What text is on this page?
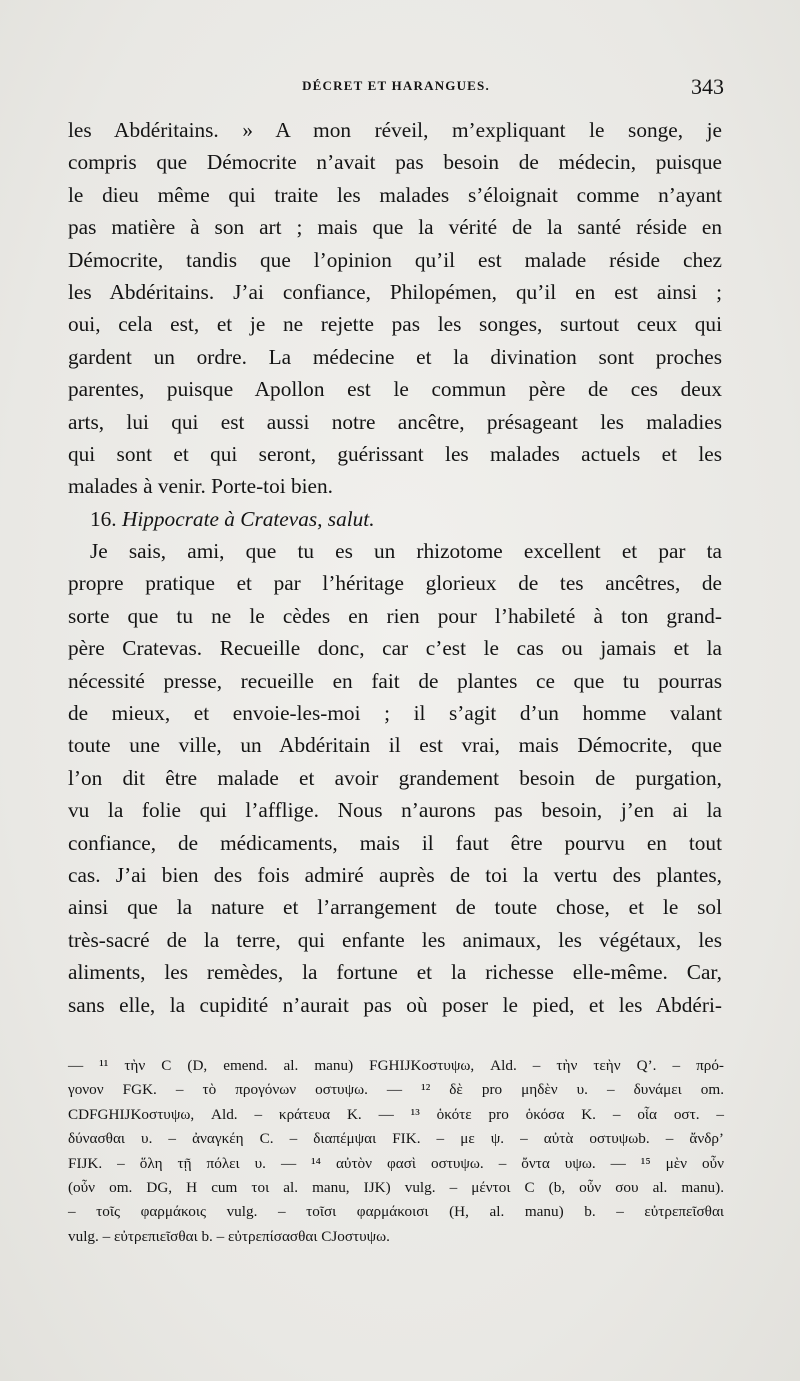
DÉCRET ET HARANGUES.	343
les Abdéritains. » A mon réveil, m’expliquant le songe, je
compris que Démocrite n’avait pas besoin de médecin, puisque
le dieu même qui traite les malades s’éloignait comme n’ayant
pas matière à son art ; mais que la vérité de la santé réside en
Démocrite, tandis que l’opinion qu’il est malade réside chez
les Abdéritains. J’ai confiance, Philopémen, qu’il en est ainsi ;
oui, cela est, et je ne rejette pas les songes, surtout ceux qui
gardent un ordre. La médecine et la divination sont proches
parentes, puisque Apollon est le commun père de ces deux
arts, lui qui est aussi notre ancêtre, présageant les maladies
qui sont et qui seront, guérissant les malades actuels et les
malades à venir. Porte-toi bien.
16. Hippocrate à Cratevas, salut.
Je sais, ami, que tu es un rhizotome excellent et par ta
propre pratique et par l’héritage glorieux de tes ancêtres, de
sorte que tu ne le cèdes en rien pour l’habileté à ton grand-
père Cratevas. Recueille donc, car c’est le cas ou jamais et la
nécessité presse, recueille en fait de plantes ce que tu pourras
de mieux, et envoie-les-moi ; il s’agit d’un homme valant
toute une ville, un Abdéritain il est vrai, mais Démocrite, que
l’on dit être malade et avoir grandement besoin de purgation,
vu la folie qui l’afflige. Nous n’aurons pas besoin, j’en ai la
confiance, de médicaments, mais il faut être pourvu en tout
cas. J’ai bien des fois admiré auprès de toi la vertu des plantes,
ainsi que la nature et l’arrangement de toute chose, et le sol
très-sacré de la terre, qui enfante les animaux, les végétaux, les
aliments, les remèdes, la fortune et la richesse elle-même. Car,
sans elle, la cupidité n’aurait pas où poser le pied, et les Abdéri-
— ¹¹ τὴν C (D, emend. al. manu) FGHIJKοστυψω, Ald. – τὴν τεὴν Q’. – πρό-
γονον FGK. – τὸ προγόνων οστυψω. — ¹² δὲ pro μηδὲν υ. – δυνάμει om.
CDFGHIJKοστυψω, Ald. – κράτευα K. — ¹³ ὁκότε pro ὁκόσα K. – οἷα οστ. –
δύνασθαι υ. – ἀναγκέη C. – διαπέμψαι FIK. – με ψ. – αὐτὰ οστυψωb. – ἄνδρ’
FIJK. – ὅλη τῇ πόλει υ. — ¹⁴ αὐτὸν φασὶ οστυψω. – ὄντα υψω. — ¹⁵ μὲν οὖν
(οὖν om. DG, H cum τοι al. manu, IJK) vulg. – μέντοι C (b, οὖν σου al. manu).
– τοῖς φαρμάκοις vulg. – τοῖσι φαρμάκοισι (H, al. manu) b. – εὐτρεπεῖσθαι
vulg. – εὐτρεπιεῖσθαι b. – εὐτρεπίσασθαι CJοστυψω.
